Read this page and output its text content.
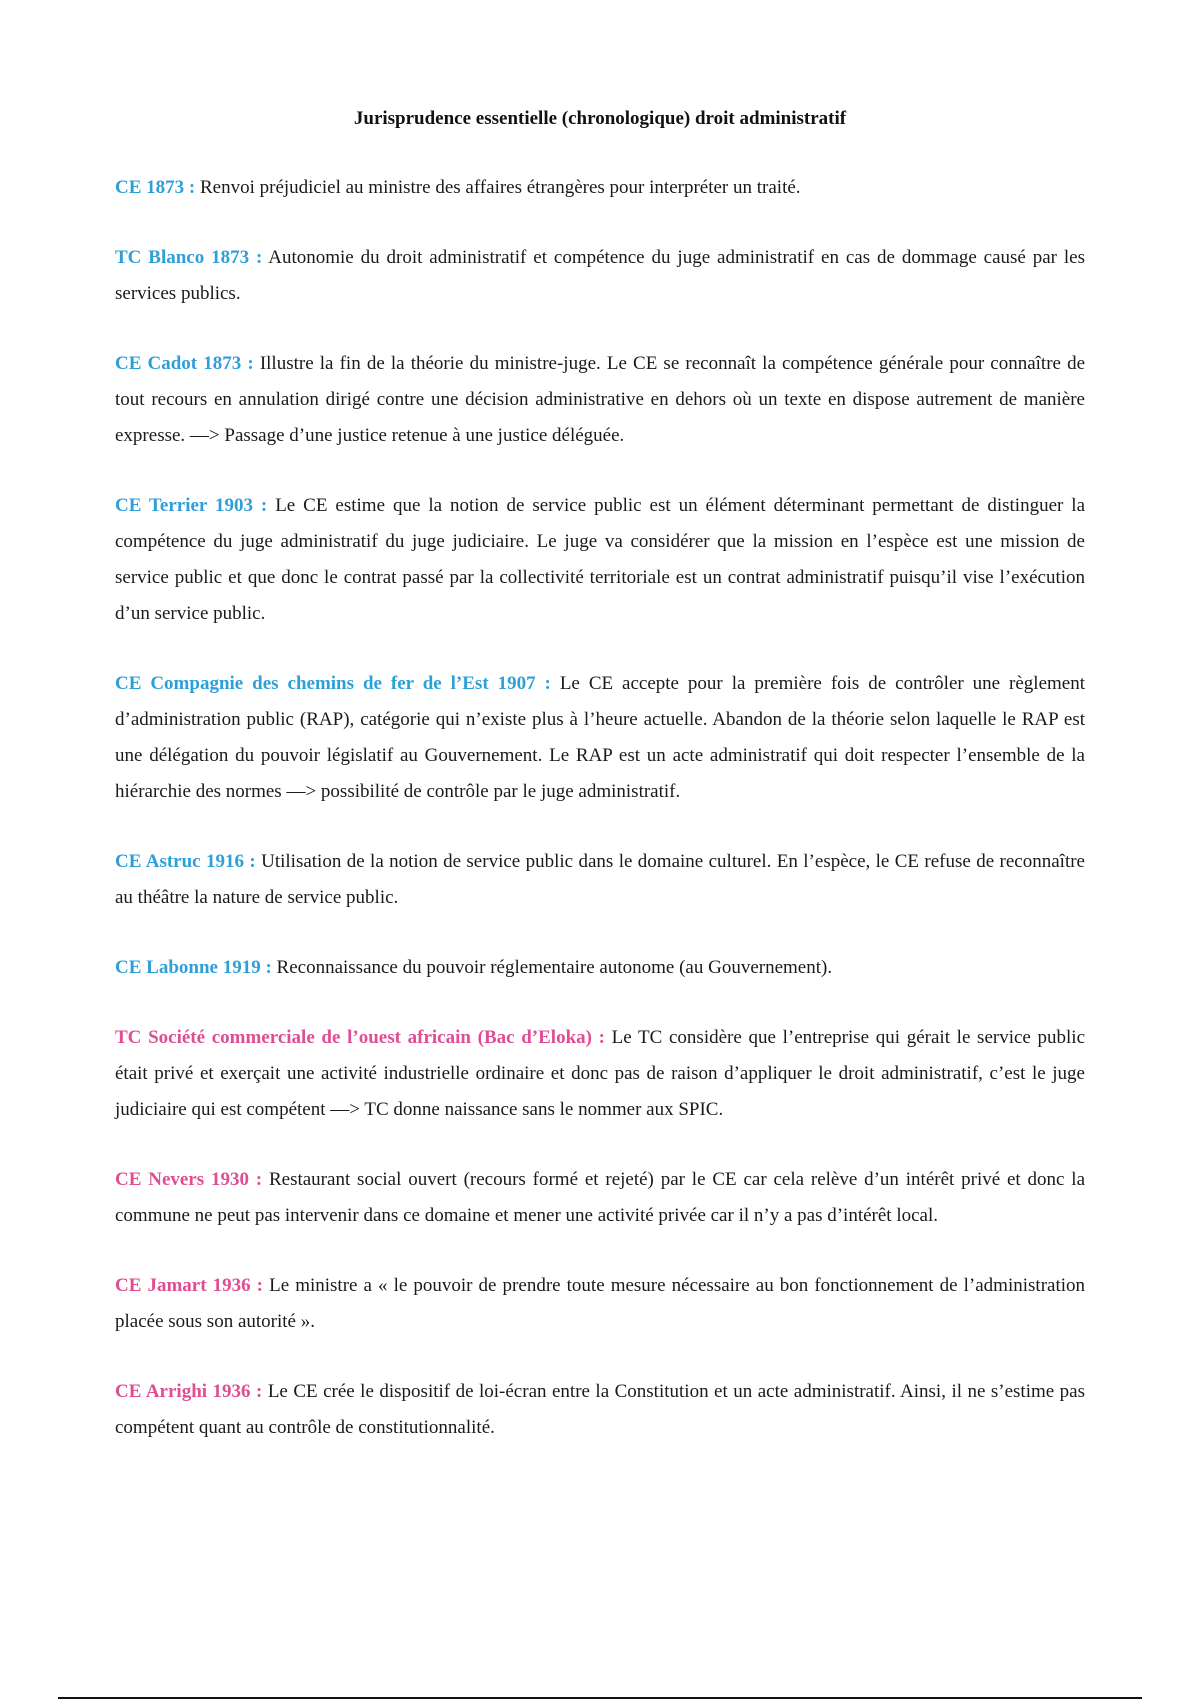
Jurisprudence essentielle (chronologique) droit administratif
CE 1873 : Renvoi préjudiciel au ministre des affaires étrangères pour interpréter un traité.
TC Blanco 1873 : Autonomie du droit administratif et compétence du juge administratif en cas de dommage causé par les services publics.
CE Cadot 1873 : Illustre la fin de la théorie du ministre-juge. Le CE se reconnaît la compétence générale pour connaître de tout recours en annulation dirigé contre une décision administrative en dehors où un texte en dispose autrement de manière expresse. —> Passage d’une justice retenue à une justice déléguée.
CE Terrier 1903 : Le CE estime que la notion de service public est un élément déterminant permettant de distinguer la compétence du juge administratif du juge judiciaire. Le juge va considérer que la mission en l’espèce est une mission de service public et que donc le contrat passé par la collectivité territoriale est un contrat administratif puisqu’il vise l’exécution d’un service public.
CE Compagnie des chemins de fer de l’Est 1907 : Le CE accepte pour la première fois de contrôler une règlement d’administration public (RAP), catégorie qui n’existe plus à l’heure actuelle. Abandon de la théorie selon laquelle le RAP est une délégation du pouvoir législatif au Gouvernement. Le RAP est un acte administratif qui doit respecter l’ensemble de la hiérarchie des normes —> possibilité de contrôle par le juge administratif.
CE Astruc 1916 : Utilisation de la notion de service public dans le domaine culturel. En l’espèce, le CE refuse de reconnaître au théâtre la nature de service public.
CE Labonne 1919 : Reconnaissance du pouvoir réglementaire autonome (au Gouvernement).
TC Société commerciale de l’ouest africain (Bac d’Eloka) : Le TC considère que l’entreprise qui gérait le service public était privé et exerçait une activité industrielle ordinaire et donc pas de raison d’appliquer le droit administratif, c’est le juge judiciaire qui est compétent —> TC donne naissance sans le nommer aux SPIC.
CE Nevers 1930 : Restaurant social ouvert (recours formé et rejeté) par le CE car cela relève d’un intérêt privé et donc la commune ne peut pas intervenir dans ce domaine et mener une activité privée car il n’y a pas d’intérêt local.
CE Jamart 1936 : Le ministre a « le pouvoir de prendre toute mesure nécessaire au bon fonctionnement de l’administration placée sous son autorité ».
CE Arrighi 1936 : Le CE crée le dispositif de loi-écran entre la Constitution et un acte administratif. Ainsi, il ne s’estime pas compétent quant au contrôle de constitutionnalité.
